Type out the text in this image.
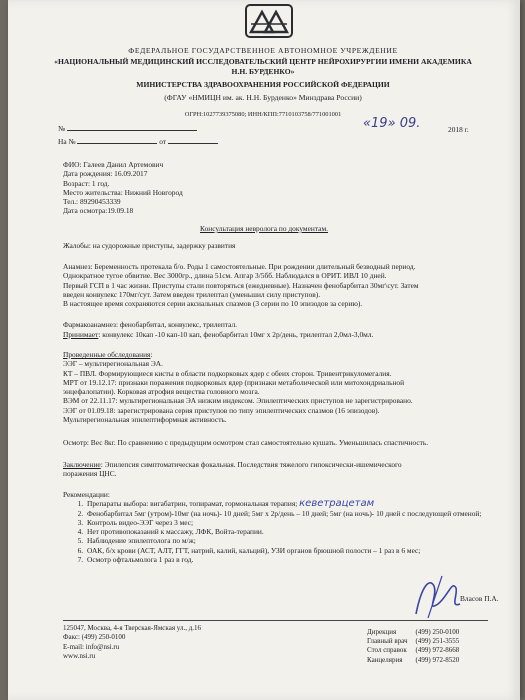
ФЕДЕРАЛЬНОЕ ГОСУДАРСТВЕННОЕ АВТОНОМНОЕ УЧРЕЖДЕНИЕ
«НАЦИОНАЛЬНЫЙ МЕДИЦИНСКИЙ ИССЛЕДОВАТЕЛЬСКИЙ ЦЕНТР НЕЙРОХИРУРГИИ ИМЕНИ АКАДЕМИКА
Н.Н. БУРДЕНКО»
МИНИСТЕРСТВА ЗДРАВООХРАНЕНИЯ РОССИЙСКОЙ ФЕДЕРАЦИИ
(ФГАУ «НМИЦН им. ак. Н.Н. Бурденко» Минздрава России)
ОГРН:1027739375080; ИНН/КПП:7710103758/771001001
№
На №	от
«19» 09.	2018 г.
ФИО: Галеев Данил Артемович
Дата рождения: 16.09.2017
Возраст: 1 год.
Место жительства: Нижний Новгород
Тел.: 89290453339
Дата осмотра:19.09.18
Консультация невролога по документам.
Жалобы: на судорожные приступы, задержку развития
Анамнез: Беременность протекала б/о. Роды 1 самостоятельные. При рождении длительный безводный период.
Однократное тугое обвитие. Вес 3000гр., длина 51см. Апгар 3/5бб. Наблюдался в ОРИТ. ИВЛ 10 дней.
Первый ГСП в 1 час жизни. Приступы стали повторяться (ежедневные). Назначен фенобарбитал 30мг\сут. Затем
введен конвулекс 170мг/сут. Затем введен трилептал (уменьшил силу приступов).
В настоящее время сохраняются серии аксиальных спазмов (3 серии по 10 эпизодов за серию).
Фармакоанамнез: фенобарбитал, конвулекс, трилептал.
Принимает: конвулекс 10кап -10 кап-10 кап, фенобарбитал 10мг х 2р/день, трилептал 2,0мл-3,0мл.
Проведенные обследования:
ЭЭГ – мультирегиональная ЭА.
КТ – ПВЛ. Формирующиеся кисты в области подкорковых ядер с обеих сторон. Тривентрикуломегалия.
МРТ от 19.12.17: признаки поражения подкорковых ядер (признаки метаболической или митохондриальной
энцефалопатии). Корковая атрофия вещества головного мозга.
ВЭМ от 22.11.17: мультирегиональная ЭА низким индексом. Эпилептических приступов не зарегистрировано.
ЭЭГ от 01.09.18: зарегистрирована серия приступов по типу эпилептических спазмов (16 эпизодов).
Мультирегиональная эпилептиформная активность.
Осмотр: Вес 8кг. По сравнению с предыдущим осмотром стал самостоятельно кушать. Уменьшилась спастичность.
Заключение: Эпилепсия симптоматическая фокальная. Последствия тяжелого гипоксически-ишемического
поражения ЦНС.
Рекомендации:
1. Препараты выбора: вигабатрин, топирамат, гормональная терапия; кеветрацетам
2. Фенобарбитал 5мг (утром)-10мг (на ночь)- 10 дней; 5мг х 2р/день – 10 дней; 5мг (на ночь)- 10 дней с последующей отменой;
3. Контроль видео-ЭЭГ через 3 мес;
4. Нет противопоказаний к массажу, ЛФК, Войта-терапии.
5. Наблюдение эпилептолога по м/ж;
6. ОАК, б/х крови (АСТ, АЛТ, ГГТ, натрий, калий, кальций), УЗИ органов брюшной полости – 1 раз в 6 мес;
7. Осмотр офтальмолога 1 раз в год.
Власов П.А.
125047, Москва, 4-я Тверская-Ямская ул., д.16
Факс: (499) 250-0100
E-mail: info@nsi.ru
www.nsi.ru
Дирекция	(499) 250-0100
Главный врач	(499) 251-3555
Стол справок	(499) 972-8668
Канцелярия	(499) 972-8520
